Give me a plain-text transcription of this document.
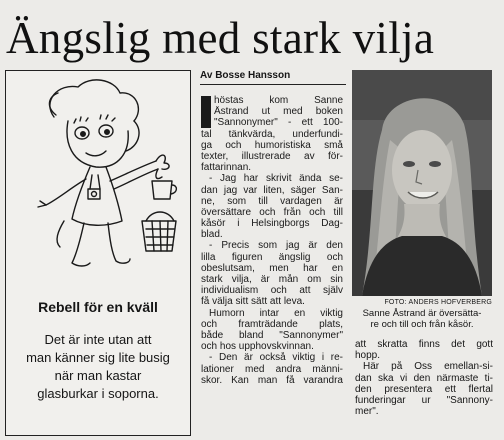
Ängslig med stark vilja
Rebell för en kväll
Det är inte utan att
man känner sig lite busig
när man kastar
glasburkar i soporna.
Av Bosse Hansson
höstas kom Sanne
Åstrand ut med boken
"Sannonymer" - ett 100-
tal tänkvärda, underfundi-
ga och humoristiska små
texter, illustrerade av för-
fattarinnan.
- Jag har skrivit ända se-
dan jag var liten, säger San-
ne, som till vardagen är
översättare och från och till
kåsör i Helsingborgs Dag-
blad.
- Precis som jag är den
lilla figuren ängslig och
obeslutsam, men har en
stark vilja, är mån om sin
individualism och att själv
få välja sitt sätt att leva.
Humorn intar en viktig
och framträdande plats,
både bland "Sannonymer"
och hos upphovskvinnan.
- Den är också viktig i re-
lationer med andra männi-
skor. Kan man få varandra
FOTO: ANDERS HOFVERBERG
Sanne Åstrand är översätta-
re och till och från kåsör.
att skratta finns det gott
hopp.
Här på Oss emellan-si-
dan ska vi den närmaste ti-
den presentera ett flertal
funderingar ur "Sannony-
mer".
